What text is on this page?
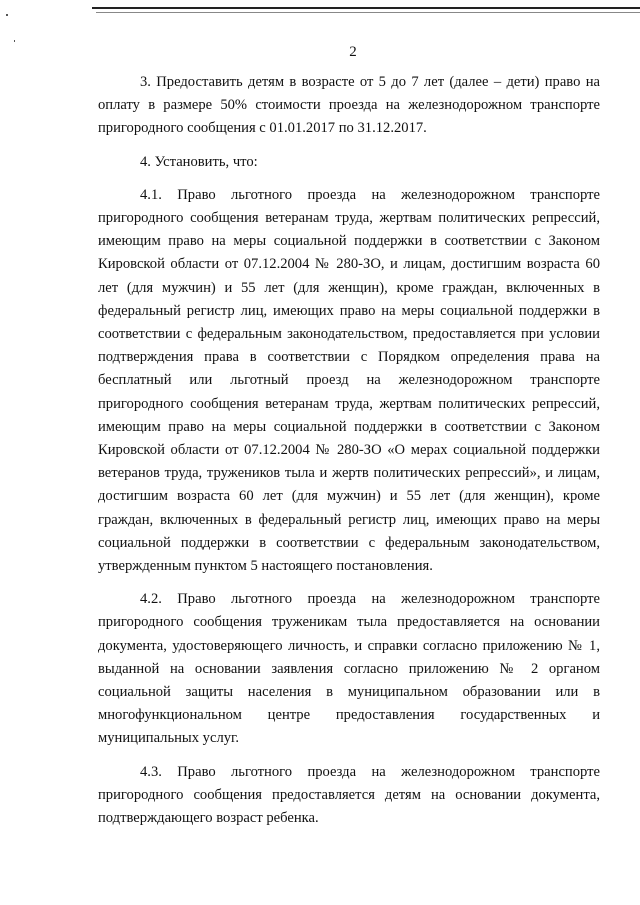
2

3. Предоставить детям в возрасте от 5 до 7 лет (далее – дети) право на оплату в размере 50% стоимости проезда на железнодорожном транспорте пригородного сообщения с 01.01.2017 по 31.12.2017.

4. Установить, что:

4.1. Право льготного проезда на железнодорожном транспорте пригородного сообщения ветеранам труда, жертвам политических репрессий, имеющим право на меры социальной поддержки в соответствии с Законом Кировской области от 07.12.2004 № 280-ЗО, и лицам, достигшим возраста 60 лет (для мужчин) и 55 лет (для женщин), кроме граждан, включенных в федеральный регистр лиц, имеющих право на меры социальной поддержки в соответствии с федеральным законодательством, предоставляется при условии подтверждения права в соответствии с Порядком определения права на бесплатный или льготный проезд на железнодорожном транспорте пригородного сообщения ветеранам труда, жертвам политических репрессий, имеющим право на меры социальной поддержки в соответствии с Законом Кировской области от 07.12.2004 № 280-ЗО «О мерах социальной поддержки ветеранов труда, тружеников тыла и жертв политических репрессий», и лицам, достигшим возраста 60 лет (для мужчин) и 55 лет (для женщин), кроме граждан, включенных в федеральный регистр лиц, имеющих право на меры социальной поддержки в соответствии с федеральным законодательством, утвержденным пунктом 5 настоящего постановления.

4.2. Право льготного проезда на железнодорожном транспорте пригородного сообщения труженикам тыла предоставляется на основании документа, удостоверяющего личность, и справки согласно приложению № 1, выданной на основании заявления согласно приложению № 2 органом социальной защиты населения в муниципальном образовании или в многофункциональном центре предоставления государственных и муниципальных услуг.

4.3. Право льготного проезда на железнодорожном транспорте пригородного сообщения предоставляется детям на основании документа, подтверждающего возраст ребенка.
